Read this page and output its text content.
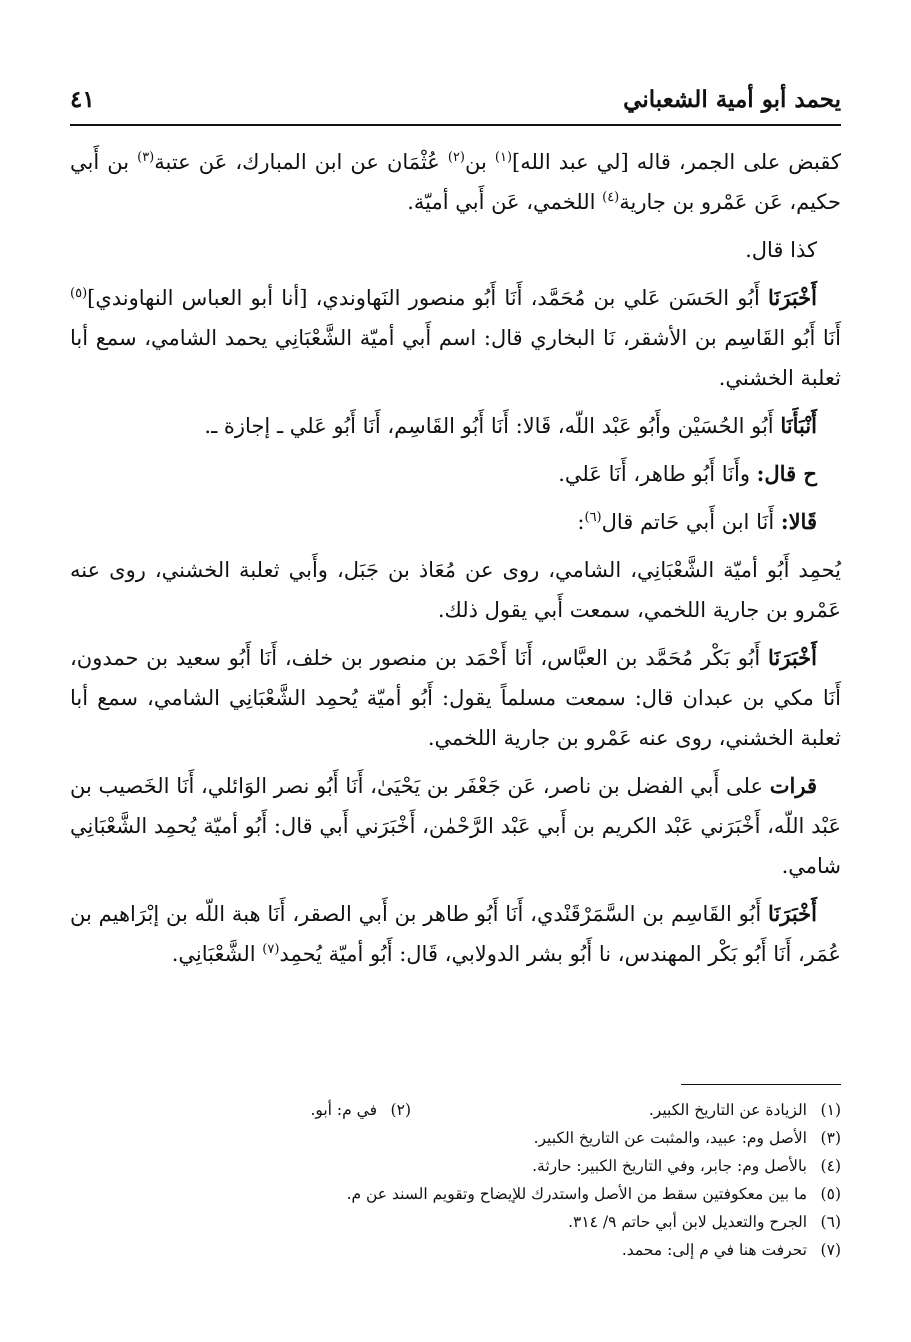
يحمد أبو أمية الشعباني
٤١

كقبض على الجمر، قاله [لي عبد الله]$^{(١)}$ بن$^{(٢)}$ عُثْمَان عن ابن المبارك، عَن عتبة$^{(٣)}$ بن أَبي حكيم، عَن عَمْرو بن جارية$^{(٤)}$ اللخمي، عَن أَبي أميّة.

كذا قال.

أَخْبَرَنَا أَبُو الحَسَن عَلي بن مُحَمَّد، أَنَا أَبُو منصور النَهاوندي، [أنا أبو العباس النهاوندي]$^{(٥)}$ أَنَا أَبُو القَاسِم بن الأشقر، نَا البخاري قال: اسم أَبي أميّة الشَّعْبَانِي يحمد الشامي، سمع أبا ثعلبة الخشني.

أَنْبَأَنَا أَبُو الحُسَيْن وأَبُو عَبْد اللّه، قَالا: أَنَا أَبُو القَاسِم، أَنَا أَبُو عَلي ـ إجازة ـ.

ح قال: وأَنَا أَبُو طاهر، أَنَا عَلي.

قَالا: أَنَا ابن أَبي حَاتم قال$^{(٦)}$:

يُحمِد أَبُو أميّة الشَّعْبَانِي، الشامي، روى عن مُعَاذ بن جَبَل، وأَبي ثعلبة الخشني، روى عنه عَمْرو بن جارية اللخمي، سمعت أَبي يقول ذلك.

أَخْبَرَنَا أَبُو بَكْر مُحَمَّد بن العبَّاس، أَنَا أَحْمَد بن منصور بن خلف، أَنَا أَبُو سعيد بن حمدون، أَنَا مكي بن عبدان قال: سمعت مسلماً يقول: أَبُو أميّة يُحمِد الشَّعْبَانِي الشامي، سمع أبا ثعلبة الخشني، روى عنه عَمْرو بن جارية اللخمي.

قرات على أَبي الفضل بن ناصر، عَن جَعْفَر بن يَحْيَىٰ، أَنَا أَبُو نصر الوَائلي، أَنَا الخَصيب بن عَبْد اللّه، أَخْبَرَني عَبْد الكريم بن أَبي عَبْد الرَّحْمٰن، أَخْبَرَني أَبي قال: أَبُو أميّة يُحمِد الشَّعْبَانِي شامي.

أَخْبَرَنَا أَبُو القَاسِم بن السَّمَرْقَنْدي، أَنَا أَبُو طاهر بن أَبي الصقر، أَنَا هبة اللّه بن إبْرَاهيم بن عُمَر، أَنَا أَبُو بَكْر المهندس، نا أَبُو بشر الدولابي، قَال: أَبُو أميّة يُحمِد$^{(٧)}$ الشَّعْبَانِي.

(١)
الزيادة عن التاريخ الكبير.
(٢)
في م: أبو.
(٣)
الأصل وم: عبيد، والمثبت عن التاريخ الكبير.
(٤)
بالأصل وم: جابر، وفي التاريخ الكبير: حارثة.
(٥)
ما بين معكوفتين سقط من الأصل واستدرك للإيضاح وتقويم السند عن م.
(٦)
الجرح والتعديل لابن أبي حاتم ٩/ ٣١٤.
(٧)
تحرفت هنا في م إلى: محمد.
